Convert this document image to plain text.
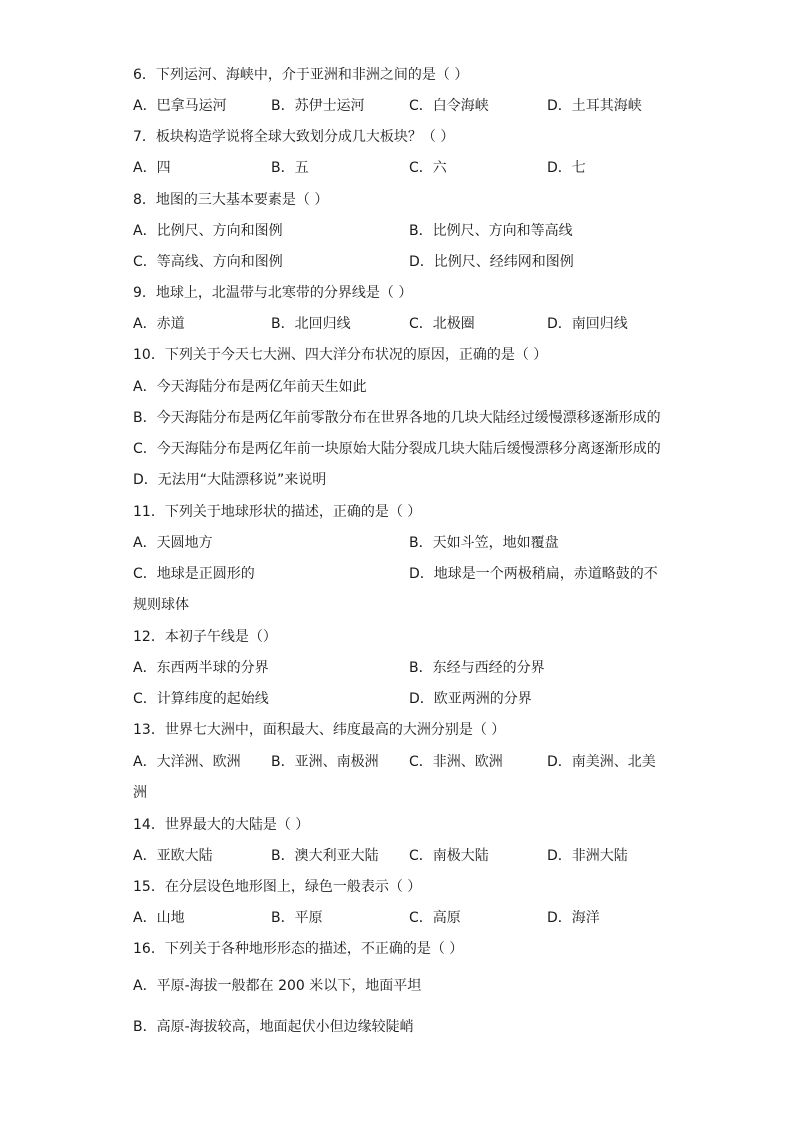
6．下列运河、海峡中，介于亚洲和非洲之间的是（ ）
A．巴拿马运河	B．苏伊士运河	C．白令海峡	D．土耳其海峡
7．板块构造学说将全球大致划分成几大板块？（ ）
A．四	B．五	C．六	D．七
8．地图的三大基本要素是（ ）
A．比例尺、方向和图例	B．比例尺、方向和等高线
C．等高线、方向和图例	D．比例尺、经纬网和图例
9．地球上，北温带与北寒带的分界线是（ ）
A．赤道	B．北回归线	C．北极圈	D．南回归线
10．下列关于今天七大洲、四大洋分布状况的原因，正确的是（ ）
A．今天海陆分布是两亿年前天生如此
B．今天海陆分布是两亿年前零散分布在世界各地的几块大陆经过缓慢漂移逐渐形成的
C．今天海陆分布是两亿年前一块原始大陆分裂成几块大陆后缓慢漂移分离逐渐形成的
D．无法用“大陆漂移说”来说明
11．下列关于地球形状的描述，正确的是（ ）
A．天圆地方	B．天如斗笠，地如覆盘
C．地球是正圆形的	D．地球是一个两极稍扁，赤道略鼓的不
规则球体
12．本初子午线是（）
A．东西两半球的分界	B．东经与西经的分界
C．计算纬度的起始线	D．欧亚两洲的分界
13．世界七大洲中，面积最大、纬度最高的大洲分别是（ ）
A．大洋洲、欧洲 B．亚洲、南极洲 C．非洲、欧洲	D．南美洲、北美
洲
14．世界最大的大陆是（ ）
A．亚欧大陆	B．澳大利亚大陆 C．南极大陆	D．非洲大陆
15．在分层设色地形图上，绿色一般表示（ ）
A．山地	B．平原	C．高原	D．海洋
16．下列关于各种地形形态的描述，不正确的是（ ）
A．平原-海拔一般都在 200 米以下，地面平坦
B．高原-海拔较高，地面起伏小但边缘较陡峭
